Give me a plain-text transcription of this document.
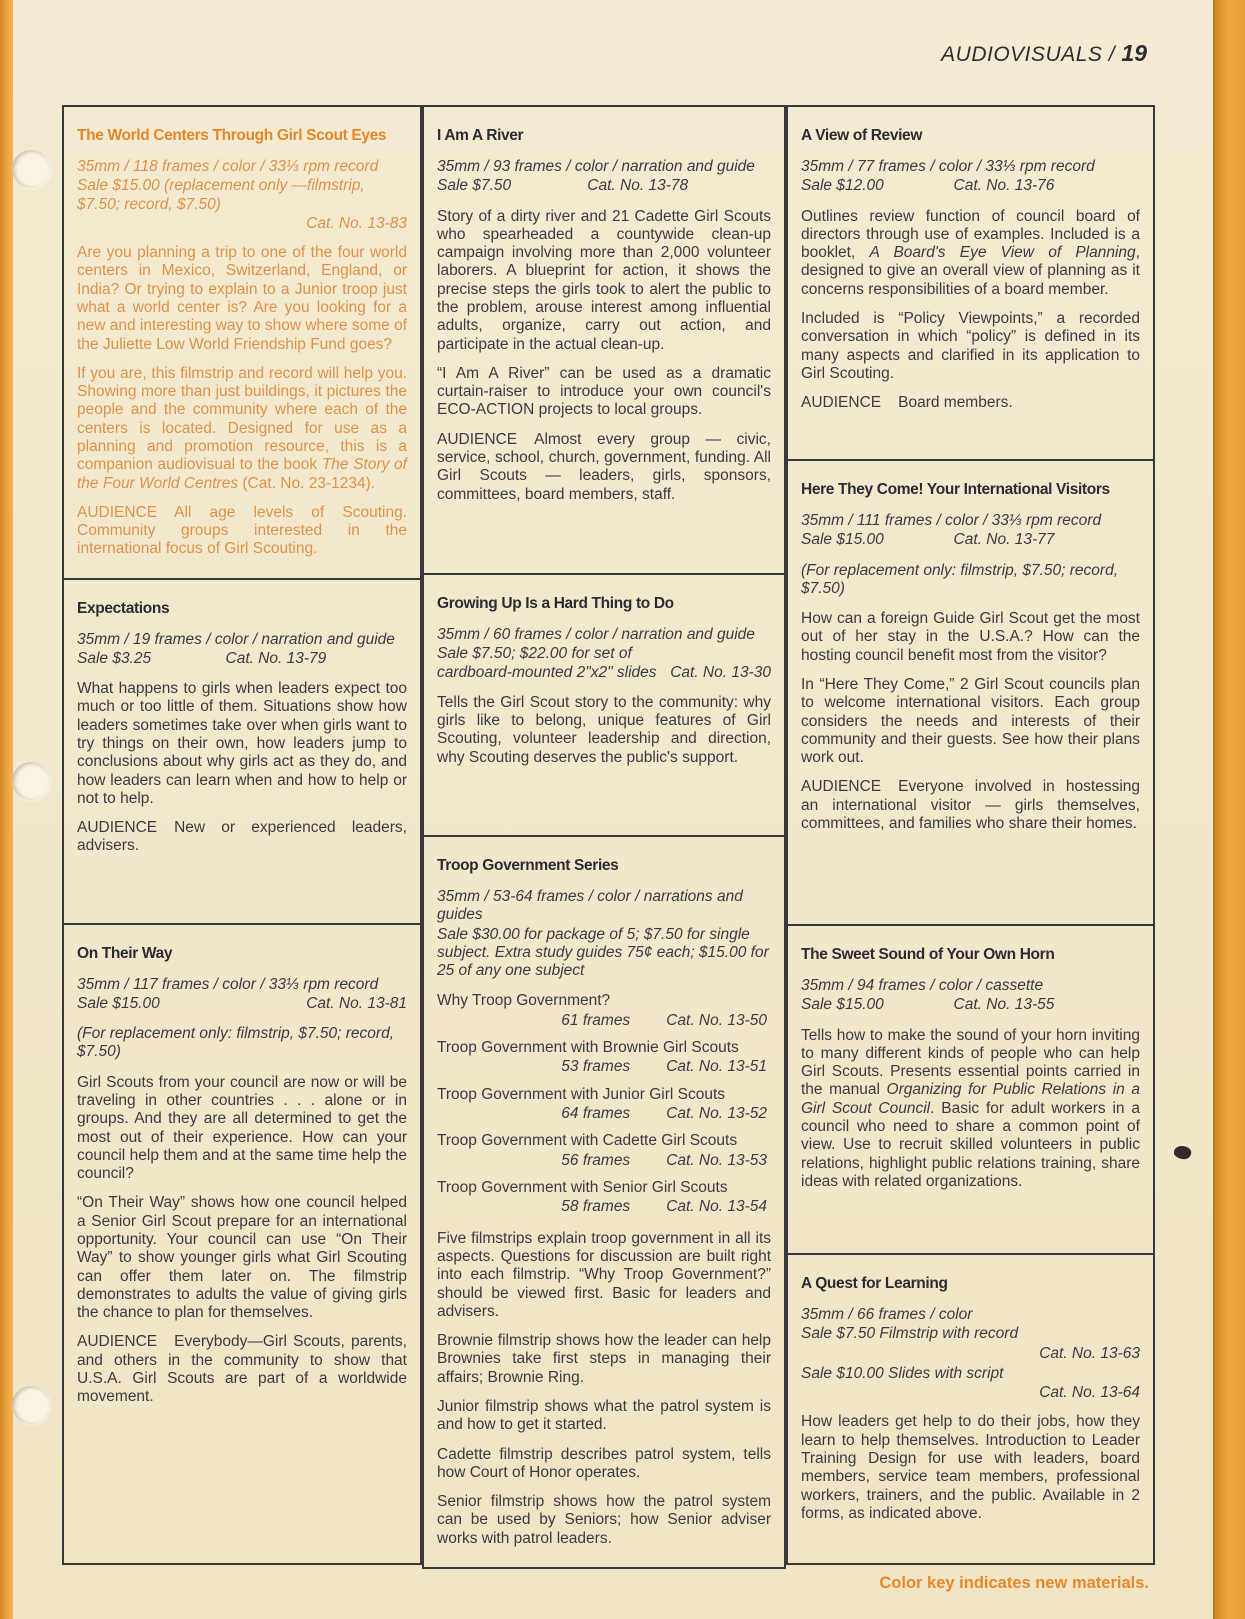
AUDIOVISUALS / 19
The World Centers Through Girl Scout Eyes

35mm / 118 frames / color / 33⅓ rpm record

Sale $15.00 (replacement only —filmstrip, $7.50; record, $7.50)

Cat. No. 13-83

Are you planning a trip to one of the four world centers in Mexico, Switzerland, England, or India? Or trying to explain to a Junior troop just what a world center is? Are you looking for a new and interesting way to show where some of the Juliette Low World Friendship Fund goes?

If you are, this filmstrip and record will help you. Showing more than just buildings, it pictures the people and the community where each of the centers is located. Designed for use as a planning and promotion resource, this is a companion audiovisual to the book The Story of the Four World Centres (Cat. No. 23-1234).

AUDIENCE All age levels of Scouting. Community groups interested in the international focus of Girl Scouting.

Expectations

35mm / 19 frames / color / narration and guide

Sale $3.25	Cat. No. 13-79

What happens to girls when leaders expect too much or too little of them. Situations show how leaders sometimes take over when girls want to try things on their own, how leaders jump to conclusions about why girls act as they do, and how leaders can learn when and how to help or not to help.

AUDIENCE New or experienced leaders, advisers.

On Their Way

35mm / 117 frames / color / 33⅓ rpm record

Sale $15.00	Cat. No. 13-81

(For replacement only: filmstrip, $7.50; record, $7.50)

Girl Scouts from your council are now or will be traveling in other countries . . . alone or in groups. And they are all determined to get the most out of their experience. How can your council help them and at the same time help the council?

“On Their Way” shows how one council helped a Senior Girl Scout prepare for an international opportunity. Your council can use “On Their Way” to show younger girls what Girl Scouting can offer them later on. The filmstrip demonstrates to adults the value of giving girls the chance to plan for themselves.

AUDIENCE Everybody—Girl Scouts, parents, and others in the community to show that U.S.A. Girl Scouts are part of a worldwide movement.

I Am A River

35mm / 93 frames / color / narration and guide

Sale $7.50	Cat. No. 13-78

Story of a dirty river and 21 Cadette Girl Scouts who spearheaded a countywide clean-up campaign involving more than 2,000 volunteer laborers. A blueprint for action, it shows the precise steps the girls took to alert the public to the problem, arouse interest among influential adults, organize, carry out action, and participate in the actual clean-up.

“I Am A River” can be used as a dramatic curtain-raiser to introduce your own council's ECO-ACTION projects to local groups.

AUDIENCE Almost every group — civic, service, school, church, government, funding. All Girl Scouts — leaders, girls, sponsors, committees, board members, staff.

Growing Up Is a Hard Thing to Do

35mm / 60 frames / color / narration and guide

Sale $7.50; $22.00 for set of cardboard-mounted 2"x2" slides Cat. No. 13-30

Tells the Girl Scout story to the community: why girls like to belong, unique features of Girl Scouting, volunteer leadership and direction, why Scouting deserves the public's support.

Troop Government Series

35mm / 53-64 frames / color / narrations and guides

Sale $30.00 for package of 5; $7.50 for single subject. Extra study guides 75¢ each; $15.00 for 25 of any one subject

Why Troop Government?
61 frames Cat. No. 13-50
Troop Government with Brownie Girl Scouts
53 frames Cat. No. 13-51
Troop Government with Junior Girl Scouts
64 frames Cat. No. 13-52
Troop Government with Cadette Girl Scouts
56 frames Cat. No. 13-53
Troop Government with Senior Girl Scouts
58 frames Cat. No. 13-54

Five filmstrips explain troop government in all its aspects. Questions for discussion are built right into each filmstrip. “Why Troop Government?” should be viewed first. Basic for leaders and advisers.

Brownie filmstrip shows how the leader can help Brownies take first steps in managing their affairs; Brownie Ring.

Junior filmstrip shows what the patrol system is and how to get it started.

Cadette filmstrip describes patrol system, tells how Court of Honor operates.

Senior filmstrip shows how the patrol system can be used by Seniors; how Senior adviser works with patrol leaders.

A View of Review

35mm / 77 frames / color / 33⅓ rpm record

Sale $12.00	Cat. No. 13-76

Outlines review function of council board of directors through use of examples. Included is a booklet, A Board's Eye View of Planning, designed to give an overall view of planning as it concerns responsibilities of a board member.

Included is “Policy Viewpoints,” a recorded conversation in which “policy” is defined in its many aspects and clarified in its application to Girl Scouting.

AUDIENCE Board members.

Here They Come! Your International Visitors

35mm / 111 frames / color / 33⅓ rpm record

Sale $15.00	Cat. No. 13-77

(For replacement only: filmstrip, $7.50; record, $7.50)

How can a foreign Guide Girl Scout get the most out of her stay in the U.S.A.? How can the hosting council benefit most from the visitor?

In “Here They Come,” 2 Girl Scout councils plan to welcome international visitors. Each group considers the needs and interests of their community and their guests. See how their plans work out.

AUDIENCE Everyone involved in hostessing an international visitor — girls themselves, committees, and families who share their homes.

The Sweet Sound of Your Own Horn

35mm / 94 frames / color / cassette

Sale $15.00	Cat. No. 13-55

Tells how to make the sound of your horn inviting to many different kinds of people who can help Girl Scouts. Presents essential points carried in the manual Organizing for Public Relations in a Girl Scout Council. Basic for adult workers in a council who need to share a common point of view. Use to recruit skilled volunteers in public relations, highlight public relations training, share ideas with related organizations.

A Quest for Learning

35mm / 66 frames / color

Sale $7.50 Filmstrip with record

Cat. No. 13-63

Sale $10.00 Slides with script

Cat. No. 13-64

How leaders get help to do their jobs, how they learn to help themselves. Introduction to Leader Training Design for use with leaders, board members, service team members, professional workers, trainers, and the public. Available in 2 forms, as indicated above.

Color key indicates new materials.
